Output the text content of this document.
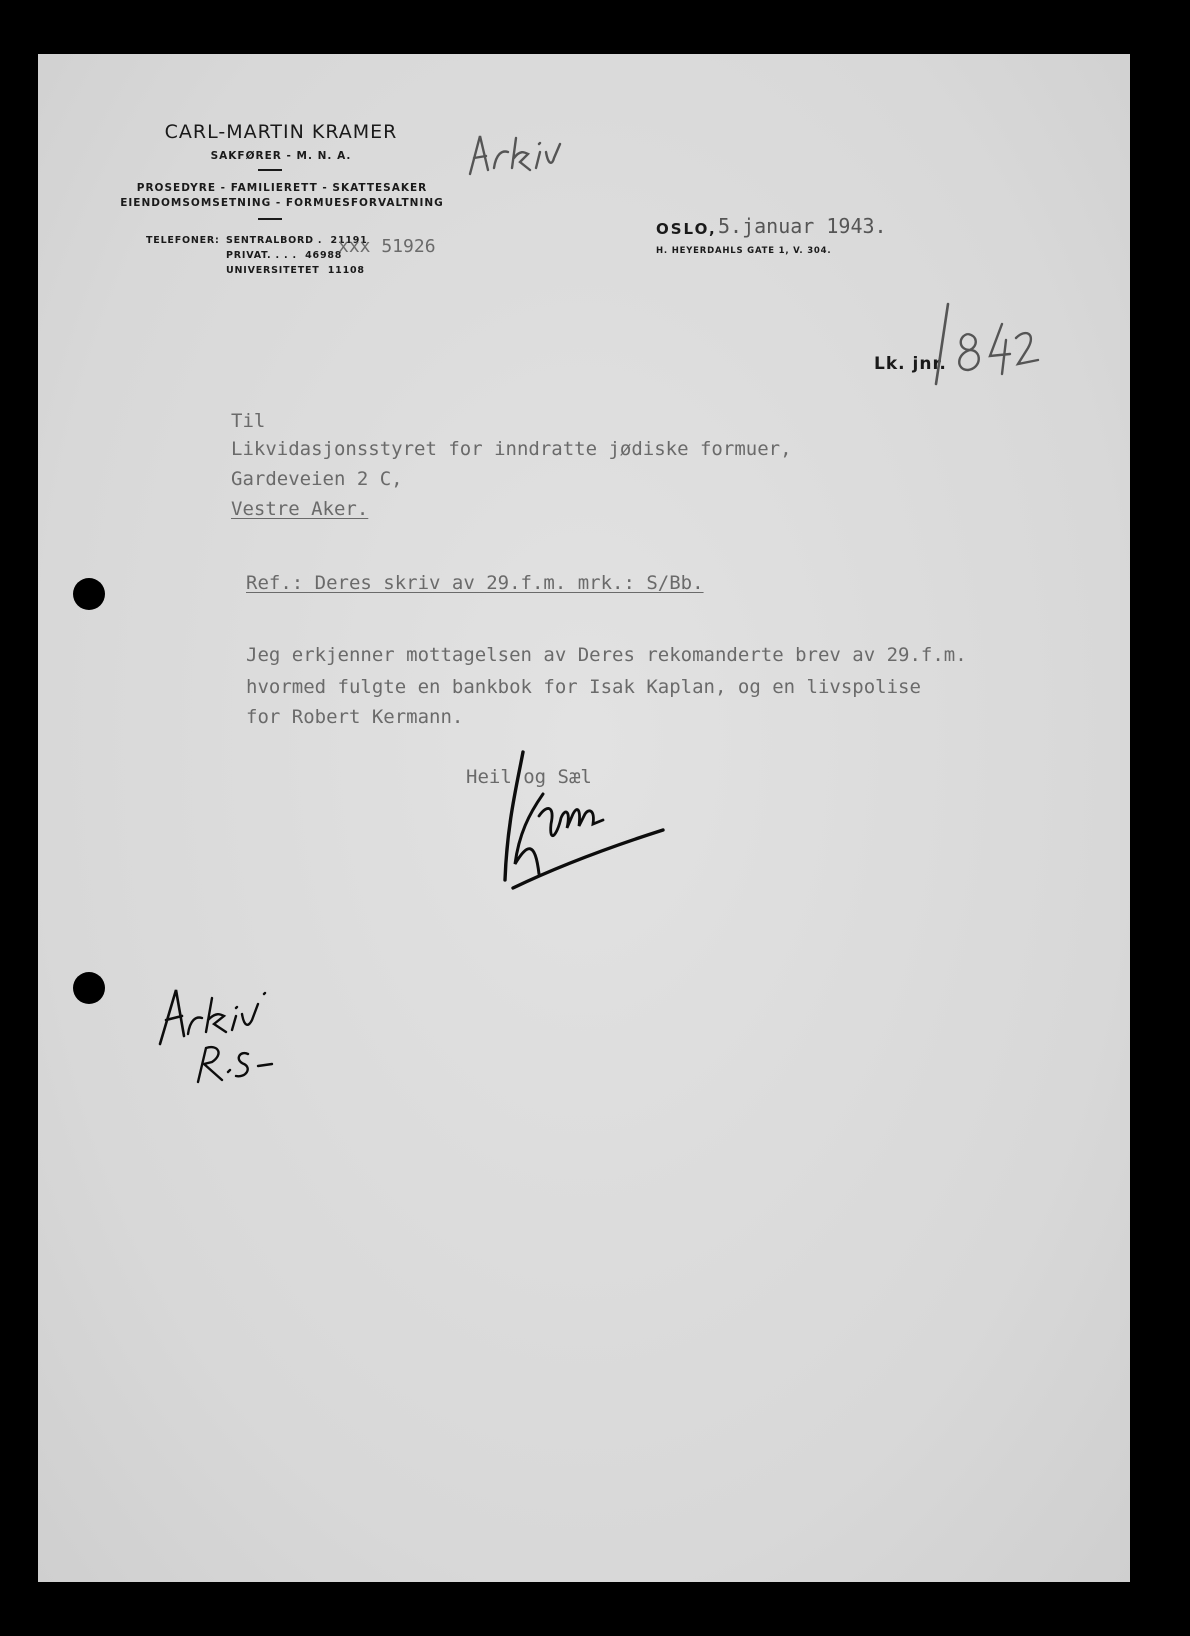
CARL-MARTIN KRAMER
SAKFØRER - M. N. A.
PROSEDYRE - FAMILIERETT - SKATTESAKER
EIENDOMSOMSETNING - FORMUESFORVALTNING
TELEFONER: SENTRALBORD .  21191
PRIVAT. . . .  46988
UNIVERSITETET  11108
xxx 51926
OSLO, 5.januar 1943.
H. HEYERDAHLS GATE 1, V. 304.
Lk. jnr.
Til
Likvidasjonsstyret for inndratte jødiske formuer,
Gardeveien 2 C,
Vestre Aker.
Ref.: Deres skriv av 29.f.m. mrk.: S/Bb.
Jeg erkjenner mottagelsen av Deres rekomanderte brev av 29.f.m.
hvormed fulgte en bankbok for Isak Kaplan, og en livspolise
for Robert Kermann.
Heil og Sæl
